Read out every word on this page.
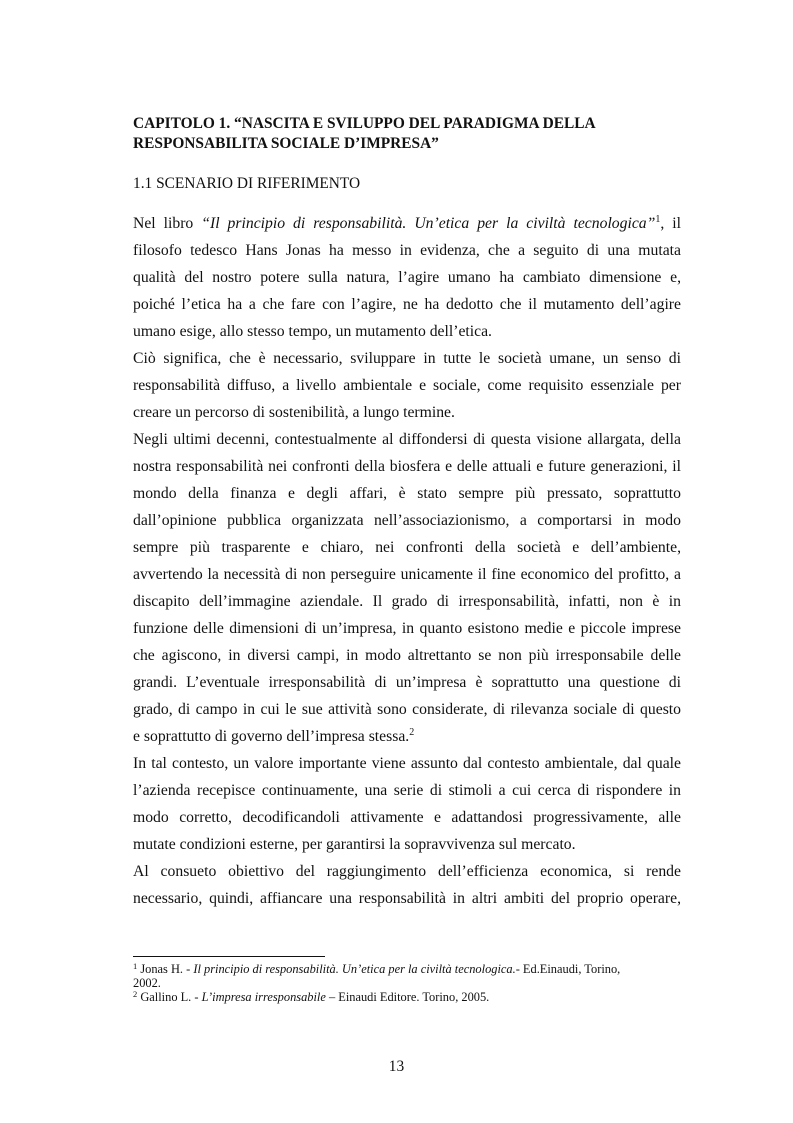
CAPITOLO 1. “NASCITA E SVILUPPO DEL PARADIGMA DELLA
RESPONSABILITA SOCIALE D’IMPRESA”
1.1 SCENARIO DI RIFERIMENTO
Nel libro “Il principio di responsabilità. Un’etica per la civiltà tecnologica”$^1$, il
filosofo tedesco Hans Jonas ha messo in evidenza, che a seguito di una mutata
qualità del nostro potere sulla natura, l’agire umano ha cambiato dimensione e,
poiché l’etica ha a che fare con l’agire, ne ha dedotto che il mutamento dell’agire
umano esige, allo stesso tempo, un mutamento dell’etica.
Ciò significa, che è necessario, sviluppare in tutte le società umane, un senso di
responsabilità diffuso, a livello ambientale e sociale, come requisito essenziale per
creare un percorso di sostenibilità, a lungo termine.
Negli ultimi decenni, contestualmente al diffondersi di questa visione allargata, della
nostra responsabilità nei confronti della biosfera e delle attuali e future generazioni, il
mondo della finanza e degli affari, è stato sempre più pressato, soprattutto
dall’opinione pubblica organizzata nell’associazionismo, a comportarsi in modo
sempre più trasparente e chiaro, nei confronti della società e dell’ambiente,
avvertendo la necessità di non perseguire unicamente il fine economico del profitto, a
discapito dell’immagine aziendale. Il grado di irresponsabilità, infatti, non è in
funzione delle dimensioni di un’impresa, in quanto esistono medie e piccole imprese
che agiscono, in diversi campi, in modo altrettanto se non più irresponsabile delle
grandi. L’eventuale irresponsabilità di un’impresa è soprattutto una questione di
grado, di campo in cui le sue attività sono considerate, di rilevanza sociale di questo
e soprattutto di governo dell’impresa stessa.$^2$
In tal contesto, un valore importante viene assunto dal contesto ambientale, dal quale
l’azienda recepisce continuamente, una serie di stimoli a cui cerca di rispondere in
modo corretto, decodificandoli attivamente e adattandosi progressivamente, alle
mutate condizioni esterne, per garantirsi la sopravvivenza sul mercato.
Al consueto obiettivo del raggiungimento dell’efficienza economica, si rende
necessario, quindi, affiancare una responsabilità in altri ambiti del proprio operare,
$^1$ Jonas H. - Il principio di responsabilità. Un’etica per la civiltà tecnologica.- Ed.Einaudi, Torino,
2002.
$^2$ Gallino L. - L’impresa irresponsabile – Einaudi Editore. Torino, 2005.
13
